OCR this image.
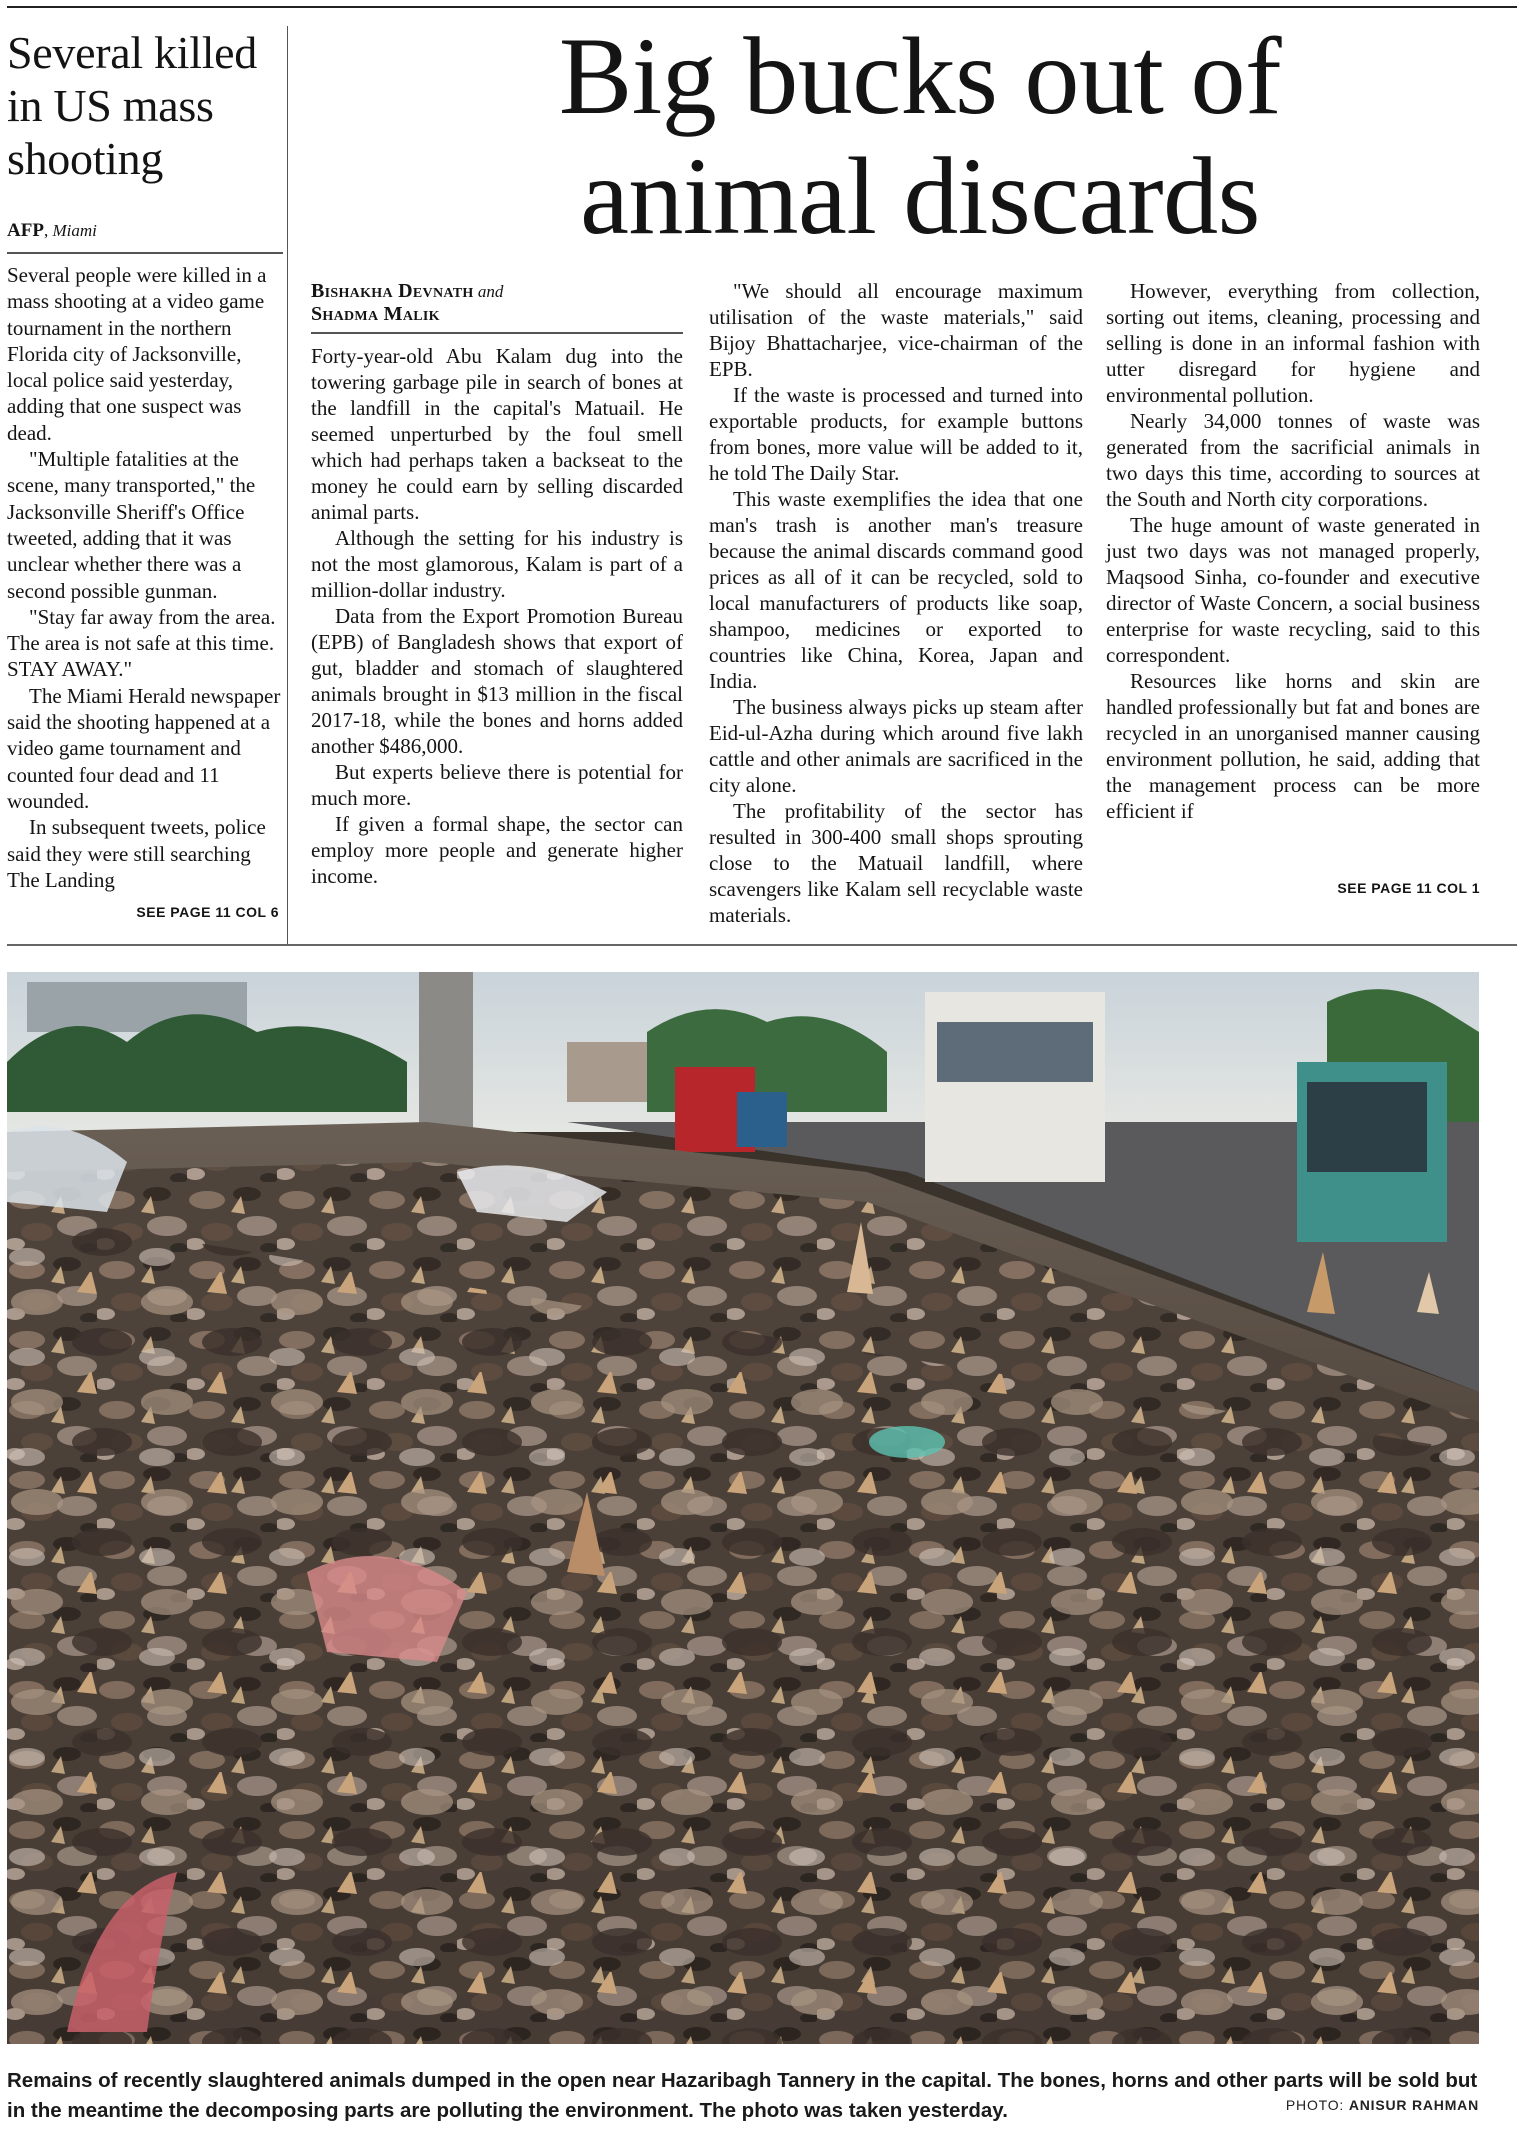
Several killed in US mass shooting

AFP, Miami

Several people were killed in a mass shooting at a video game tournament in the northern Florida city of Jacksonville, local police said yesterday, adding that one suspect was dead.

"Multiple fatalities at the scene, many transported," the Jacksonville Sheriff's Office tweeted, adding that it was unclear whether there was a second possible gunman.

"Stay far away from the area. The area is not safe at this time. STAY AWAY."

The Miami Herald newspaper said the shooting happened at a video game tournament and counted four dead and 11 wounded.

In subsequent tweets, police said they were still searching The Landing

SEE PAGE 11 COL 6
Big bucks out of
animal discards

Bishakha Devnath and
Shadma Malik

Forty-year-old Abu Kalam dug into the towering garbage pile in search of bones at the landfill in the capital's Matuail. He seemed unperturbed by the foul smell which had perhaps taken a backseat to the money he could earn by selling discarded animal parts.

Although the setting for his industry is not the most glamorous, Kalam is part of a million-dollar industry.

Data from the Export Promotion Bureau (EPB) of Bangladesh shows that export of gut, bladder and stomach of slaughtered animals brought in $13 million in the fiscal 2017-18, while the bones and horns added another $486,000.

But experts believe there is potential for much more.

If given a formal shape, the sector can employ more people and generate higher income.

"We should all encourage maximum utilisation of the waste materials," said Bijoy Bhattacharjee, vice-chairman of the EPB.

If the waste is processed and turned into exportable products, for example buttons from bones, more value will be added to it, he told The Daily Star.

This waste exemplifies the idea that one man's trash is another man's treasure because the animal discards command good prices as all of it can be recycled, sold to local manufacturers of products like soap, shampoo, medicines or exported to countries like China, Korea, Japan and India.

The business always picks up steam after Eid-ul-Azha during which around five lakh cattle and other animals are sacrificed in the city alone.

The profitability of the sector has resulted in 300-400 small shops sprouting close to the Matuail landfill, where scavengers like Kalam sell recyclable waste materials.

However, everything from collection, sorting out items, cleaning, processing and selling is done in an informal fashion with utter disregard for hygiene and environmental pollution.

Nearly 34,000 tonnes of waste was generated from the sacrificial animals in two days this time, according to sources at the South and North city corporations.

The huge amount of waste generated in just two days was not managed properly, Maqsood Sinha, co-founder and executive director of Waste Concern, a social business enterprise for waste recycling, said to this correspondent.

Resources like horns and skin are handled professionally but fat and bones are recycled in an unorganised manner causing environment pollution, he said, adding that the management process can be more efficient if

SEE PAGE 11 COL 1

Remains of recently slaughtered animals dumped in the open near Hazaribagh Tannery in the capital. The bones, horns and other parts will be sold but in the meantime the decomposing parts are polluting the environment. The photo was taken yesterday.	PHOTO: ANISUR RAHMAN
